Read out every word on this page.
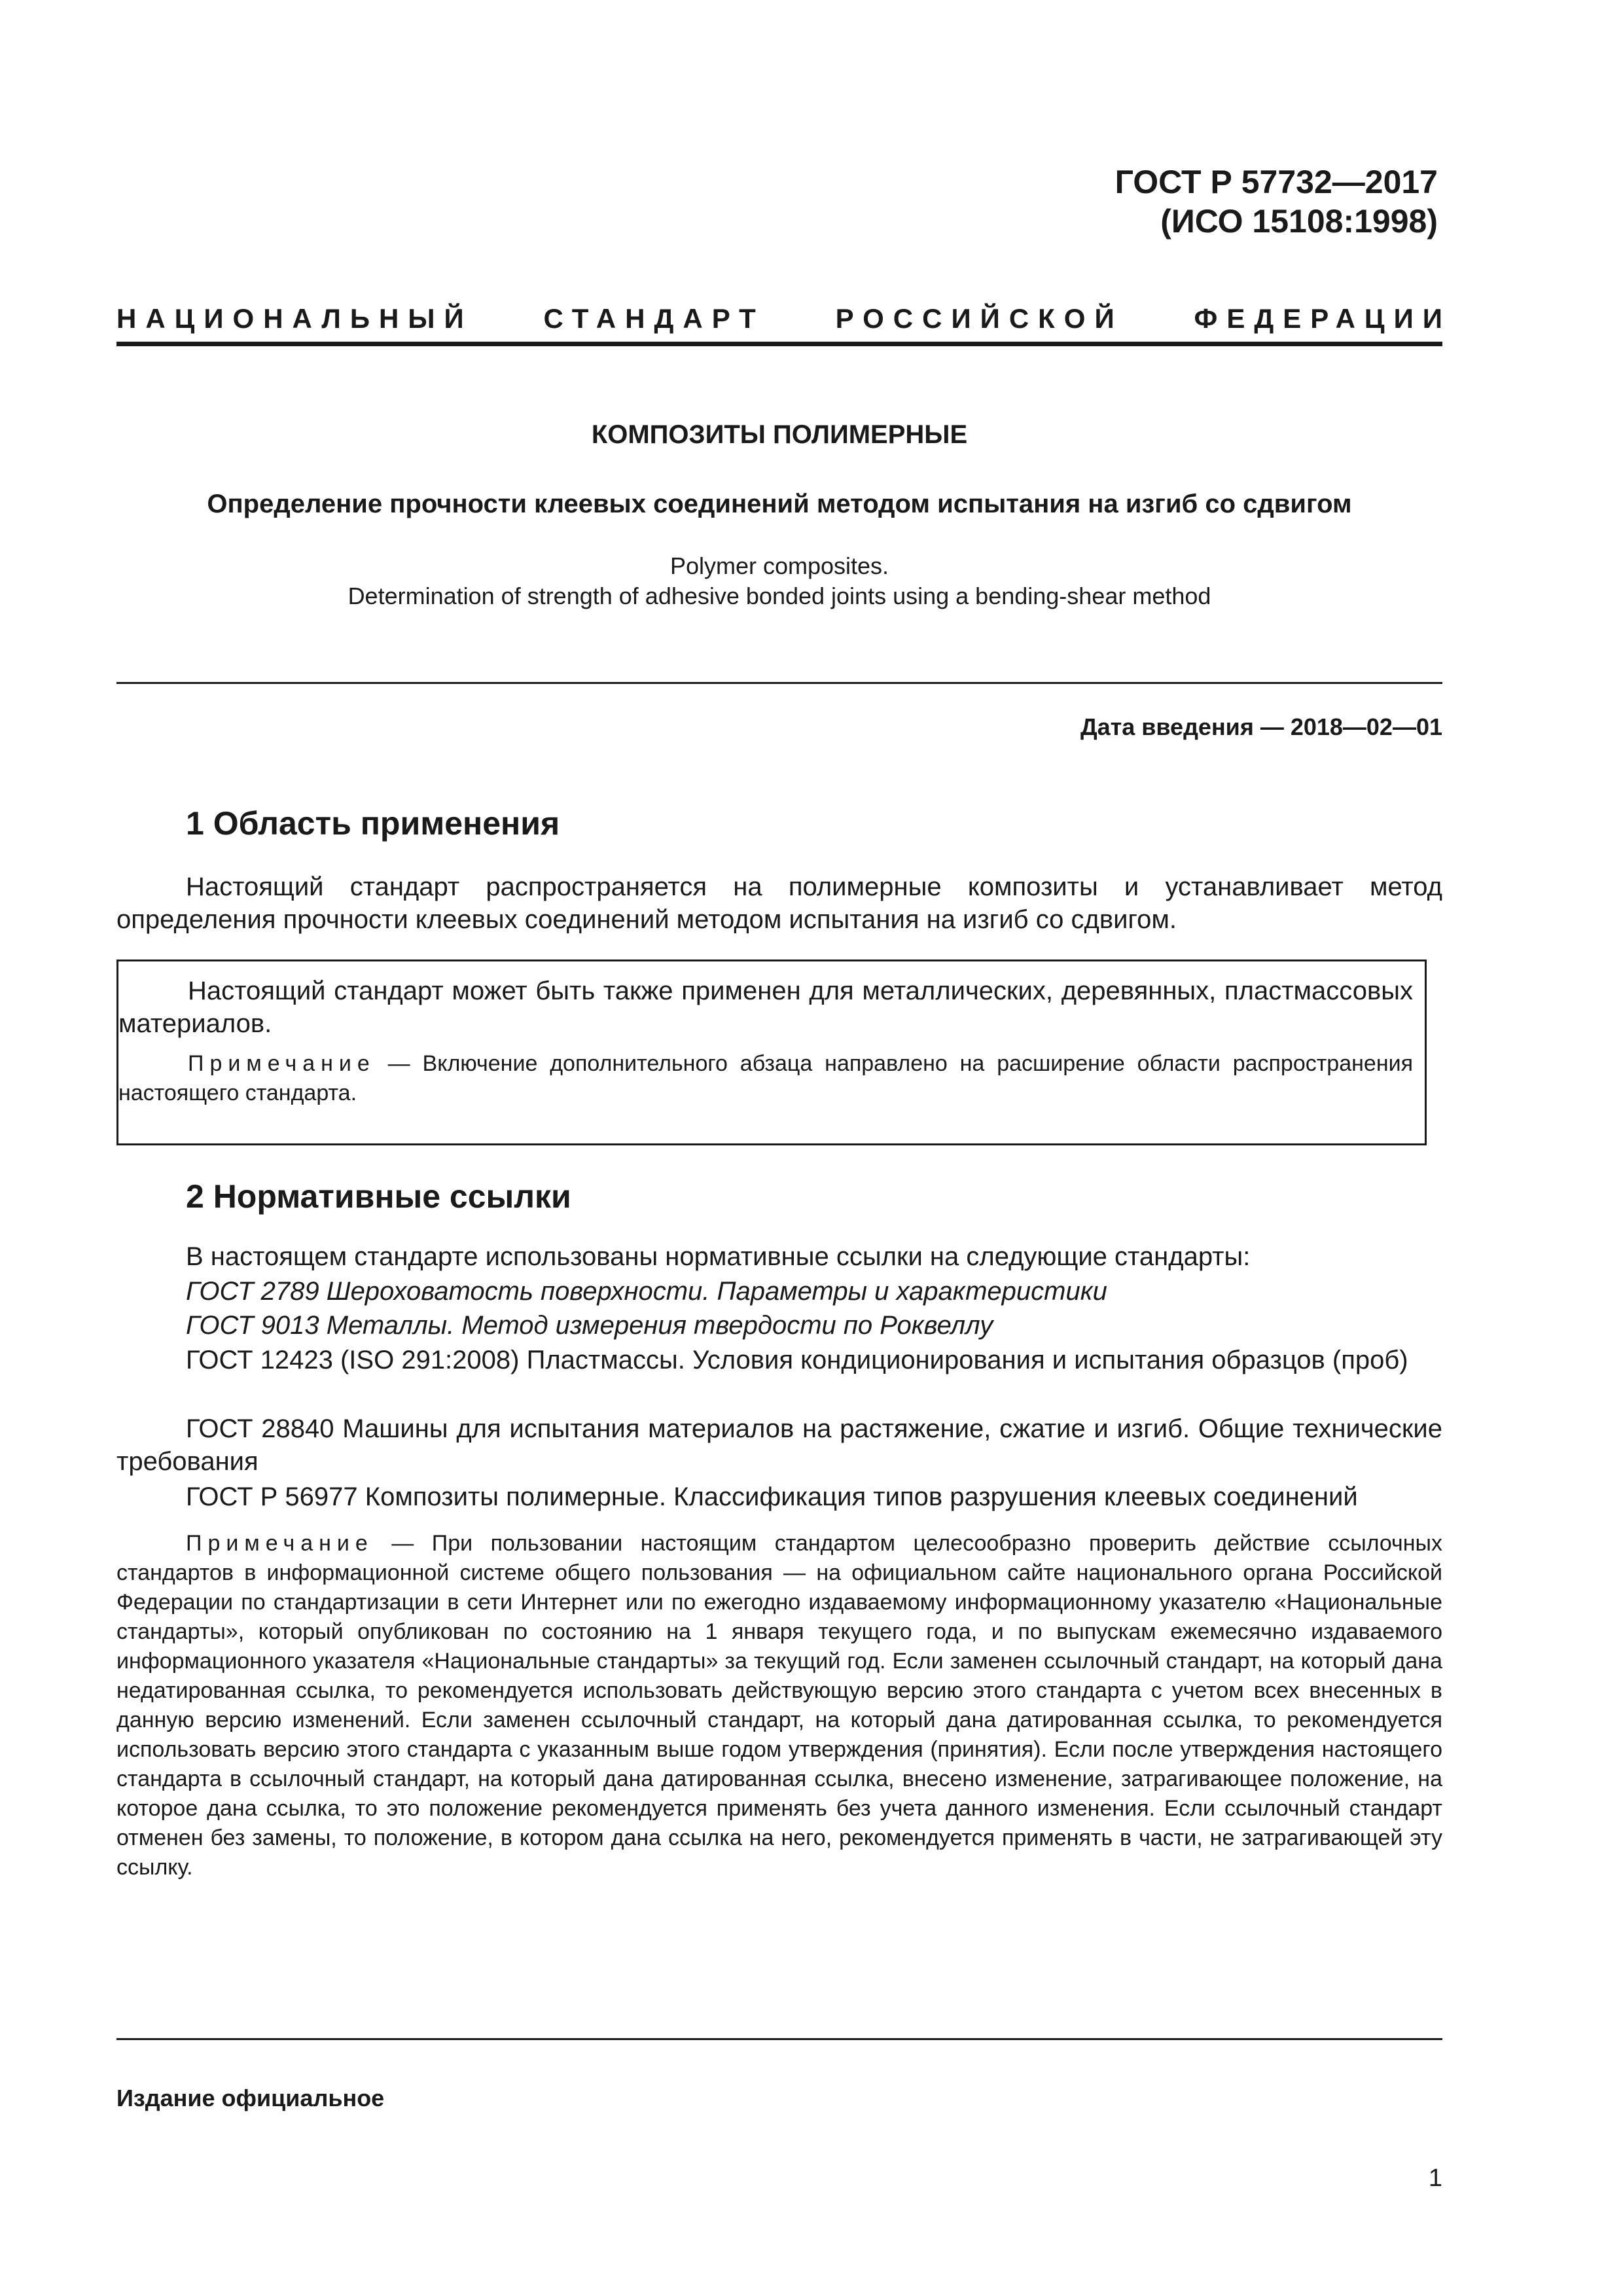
ГОСТ Р 57732—2017
(ИСО 15108:1998)
НАЦИОНАЛЬНЫЙ	СТАНДАРТ	РОССИЙСКОЙ	ФЕДЕРАЦИИ
КОМПОЗИТЫ ПОЛИМЕРНЫЕ
Определение прочности клеевых соединений методом испытания на изгиб со сдвигом
Polymer composites.
Determination of strength of adhesive bonded joints using a bending-shear method
Дата введения — 2018—02—01
1 Область применения
Настоящий стандарт распространяется на полимерные композиты и устанавливает метод определения прочности клеевых соединений методом испытания на изгиб со сдвигом.
Настоящий стандарт может быть также применен для металлических, деревянных, пластмассовых материалов.
Примечание — Включение дополнительного абзаца направлено на расширение области распространения настоящего стандарта.
2 Нормативные ссылки
В настоящем стандарте использованы нормативные ссылки на следующие стандарты:
ГОСТ 2789 Шероховатость поверхности. Параметры и характеристики
ГОСТ 9013 Металлы. Метод измерения твердости по Роквеллу
ГОСТ 12423 (ISO 291:2008) Пластмассы. Условия кондиционирования и испытания образцов (проб)
ГОСТ 28840 Машины для испытания материалов на растяжение, сжатие и изгиб. Общие технические требования
ГОСТ Р 56977 Композиты полимерные. Классификация типов разрушения клеевых соединений
Примечание — При пользовании настоящим стандартом целесообразно проверить действие ссылочных стандартов в информационной системе общего пользования — на официальном сайте национального органа Российской Федерации по стандартизации в сети Интернет или по ежегодно издаваемому информационному указателю «Национальные стандарты», который опубликован по состоянию на 1 января текущего года, и по выпускам ежемесячно издаваемого информационного указателя «Национальные стандарты» за текущий год. Если заменен ссылочный стандарт, на который дана недатированная ссылка, то рекомендуется использовать действующую версию этого стандарта с учетом всех внесенных в данную версию изменений. Если заменен ссылочный стандарт, на который дана датированная ссылка, то рекомендуется использовать версию этого стандарта с указанным выше годом утверждения (принятия). Если после утверждения настоящего стандарта в ссылочный стандарт, на который дана датированная ссылка, внесено изменение, затрагивающее положение, на которое дана ссылка, то это положение рекомендуется применять без учета данного изменения. Если ссылочный стандарт отменен без замены, то положение, в котором дана ссылка на него, рекомендуется применять в части, не затрагивающей эту ссылку.
Издание официальное
1
